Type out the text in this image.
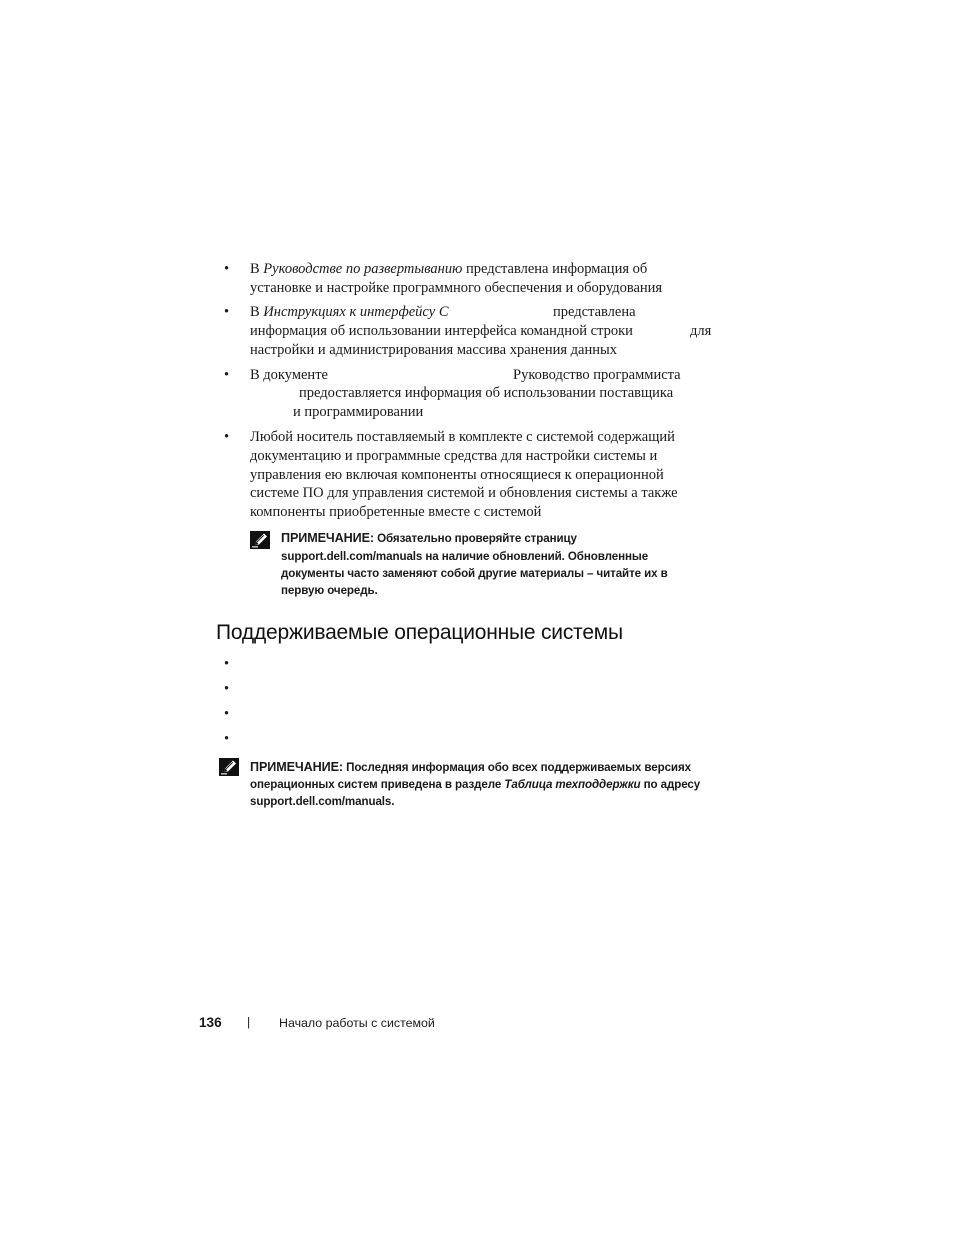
• В Руководстве по развертыванию представлена информация об
установке и настройке программного обеспечения и оборудования
• В Инструкциях к интерфейсу C	представлена
информация об использовании интерфейса командной строки	для
настройки и администрирования массива хранения данных
• В документе	Руководство программиста
предоставляется информация об использовании поставщика
и программировании
• Любой носитель поставляемый в комплекте с системой содержащий
документацию и программные средства для настройки системы и
управления ею включая компоненты относящиеся к операционной
системе ПО для управления системой и обновления системы а также
компоненты приобретенные вместе с системой
ПРИМЕЧАНИЕ: Обязательно проверяйте страницу
support.dell.com/manuals на наличие обновлений. Обновленные
документы часто заменяют собой другие материалы – читайте их в
первую очередь.
Поддерживаемые операционные системы
•
•
•
•
ПРИМЕЧАНИЕ: Последняя информация обо всех поддерживаемых версиях
операционных систем приведена в разделе Таблица техподдержки по адресу
support.dell.com/manuals.
136 | Начало работы с системой
